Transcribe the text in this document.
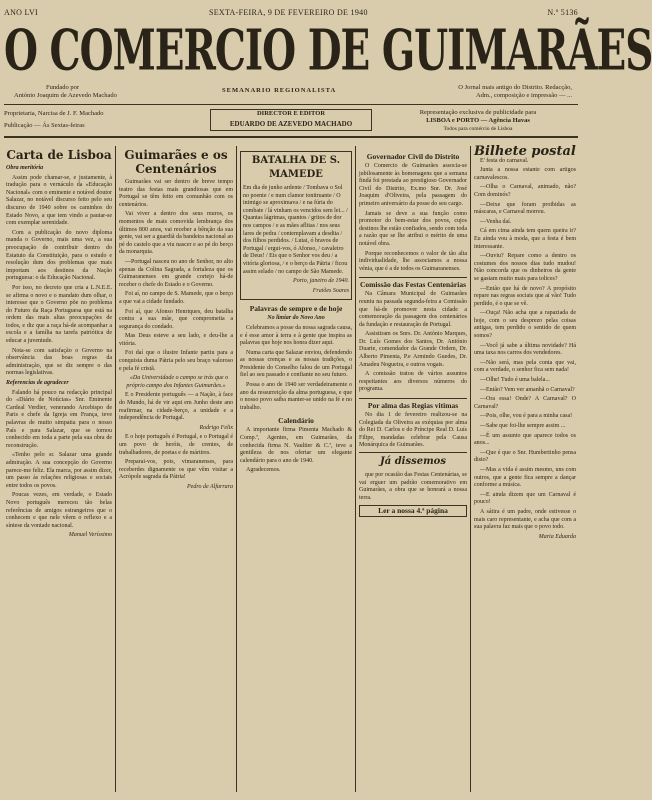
ANO LVI	SEXTA-FEIRA, 9 DE FEVEREIRO DE 1940	N.º 5136
O COMERCIO DE GUIMARÃES
Fundado por
António Joaquim de Azevedo Machado
SEMANARIO REGIONALISTA	O Jornal mais antigo do Distrito. Redacção,
Adm., composição e impressão — ...
Proprietaria, Narcisa de J. F. Machado
Publicação — Ás Sextas-feiras
DIRECTOR E EDITOR
EDUARDO DE AZEVEDO MACHADO
Representação exclusiva de publicidade para
LISBOA e PORTO — Agência Havas
Todos para comércio de Lisboa
Carta de Lisboa
Obra meritória

Assim pode chamar-se, e justamente, à tradução para o vernáculo da «Educação Nacional» com o eminente e notável doutor Salazar, no notável discurso feito pelo seu discurso de 1940 sobre os caminhos do Estado Novo, a que tem vindo a pautar-se com exemplar serenidade.

Com a publicação do novo diploma manda o Governo, mais uma vez, a sua preocupação de contribuir dentro do Estatuto da Constituição, para o estudo e resolução dum dos problemas que mais importam aos destinos da Nação portuguesa: o da Educação Nacional.

Por isso, no decreto que cria a L.N.E.E. se afirma o novo e o mandato dum olhar, o interesse que o Governo põe no problema do Futuro da Raça Portuguesa que está na ordem das mais altas preocupações de todos, e diz que a raça há-de acompanhar a escola e a família na tarefa patriótica de educar a juventude.

Nota-se com satisfação o Governo na observância das boas regras da administração, que se diz sempre o das normas legislativas.

Referencias de agradecer

Falando há pouco na redacção principal do «Diário de Notícias» Snr. Eminente Cardeal Verdier, venerando Arcebispo de Paris e chefe da Igreja em França, teve palavras de muito simpatia para o nosso País e para Salazar, que se tornou conhecido em toda a parte pela sua obra de reconstrução.

«Tenho pelo sr. Salazar uma grande admiração. A sua concepção do Governo parece-me feliz. Ela marca, por assim dizer, um passo às relações religiosas e sociais entre todos os povos.

Poucas vezes, em verdade, o Estado Novo português mereceu tão belas referências de amigos estrangeiros que o conhecem e que nele vêem o reflexo e a síntese da vontade nacional.

Manuel Veríssimo
Guimarães e os Centenários

Guimarães vai ser dentro de breve tempo teatro das festas mais grandiosas que em Portugal se têm feito em comunhão com os centenários.

Vai viver a dentro dos seus muros, os momentos de mais comovida lembrança dos últimos 800 anos, vai receber a bênção da sua gente, vai ser a guardiã da bandeira nacional ao pé do castelo que a viu nascer e ao pé do berço da monarquia.

—Portugal nasceu no ano de Senhor, no alto apenas da Colina Sagrada, a fortaleza que os Guimaranenses em grande cortejo há-de receber o chefe do Estado e o Governo.

Foi aí, no campo de S. Mamede, que o berço a que vai a cidade fundado.

Foi aí, que Afonso Henriques, deu batalha contra a sua mãe, que comprometia a segurança do condado.

Mas Deus esteve a seu lado, e deu-lhe a vitória.

Foi daí que o ilustre Infante partiu para a conquista duma Pátria pelo seu braço valoroso e pela fé cristã.

«Da Universidade o campo se trás que o próprio campo dos Infantes Guimarães.»

E o Presidente português — a Nação, à face do Mundo, há de vir aqui em Junho deste ano reafirmar, na cidade-berço, a unidade e a independência de Portugal.

Rodrigo Felix

E o hoje português é Portugal, e o Portugal é um povo de heróis, de crentes, de trabalhadores, de poetas e de mártires.

Preparai-vos, pois, vimaranenses, para receberdes dignamente os que vêm visitar a Acrópole sagrada da Pátria!

Pedro de Alfarrara
BATALHA DE S. MAMEDE

Em dia de junho ardente / Tombava o Sol no poente / e num clamor tonitruante / O inimigo se aproximava / e na fúria do combate / lá vinham os vencidos sem lei... / Quantas lágrimas, quantos / gritos de dor nos campos / e as mães aflitas / nos seus lares de pedra / contemplavam a desdita / dos filhos perdidos. / Lutai, ó bravos de Portugal / ergui-vos, ó Afonso, / cavaleiro de Deus! / Eis que o Senhor vos deu / a vitória gloriosa, / e o berço da Pátria / ficou assim selado / no campo de São Mamede.

Porto, janeiro de 1940.
Fraiões Soares
Palavras de sempre e de hoje
No limiar do Novo Ano

Celebramos a posse da nossa sagrada causa, e é esse amor à terra e à gente que inspira as palavras que hoje nos honra dizer aqui.

Numa carta que Salazar enviou, defendendo as nossas crenças e as nossas tradições, o Presidente do Conselho falou de um Portugal fiel ao seu passado e confiante no seu futuro.

Possa o ano de 1940 ser verdadeiramente o ano da ressurreição da alma portuguesa, e que o nosso povo saiba manter-se unido na fé e no trabalho.

Calendário

A importante firma Pimenta Machado & Comp.ª, Agentes, em Guimarães, da conhecida firma N. Vaultier & C.ª, teve a gentileza de nos ofertar um elegante calendário para o ano de 1940.

Agradecemos.

Governador Civil do Distrito

O Comercio de Guimarães associa-se jubilosamente às homenagens que a semana findá foi prestada ao prestigioso Governador Civil do Distrito, Ex.mo Snr. Dr. José Joaquim d'Oliveira, pela passagem do primeiro aniversário da posse do seu cargo.

Jamais se deve a sua função como promotor do bem-estar dos povos, cujos destinos lhe estão confiados, sendo com toda a razão que se lhe atribui o mérito de uma notável obra.

Porque reconhecemos o valor de tão alta individualidade, lhe associamos a nossa vénia, que é a de todos os Guimaranenses.

Comissão das Festas Centenárias

Na Câmara Municipal de Guimarães reuniu na passada segunda-feira a Comissão que há-de promover nesta cidade a comemoração da passagem dos centenários da fundação e restauração de Portugal.

Assistiram os Snrs. Dr. António Marques, Dr. Luís Gomes dos Santos, Dr. António Duarte, comendador da Grande Ordem, Dr. Alberto Pimenta, P.e Armindo Guedes, Dr. Amadeu Nogueira, e outros vogais.

A comissão tratou de vários assuntos respeitantes aos diversos números do programa.

Por alma das Regias vitimas

No dia 1 de fevereiro realizou-se na Colegiada da Oliveira as exéquias por alma do Rei D. Carlos e do Príncipe Real D. Luís Filipe, mandadas celebrar pela Causa Monárquica de Guimarães.

Já dissemos

que por ocasião das Festas Centenárias, se vai erguer um padrão comemorativo em Guimarães, a obra que se honrará a nossa terra.

Ler a nossa 4.ª página
Bilhete postal

E' festa do carnaval.

Junta a nossa estante com artigos carnavalescos.

—Olha o Carnaval, animado, não? Com dominós?

—Deixe que foram proibidas as máscaras, e Carnaval morreu.

—Venha daí.

Cá em cima ainda tem quem queira ir? Eu ainda vou à moda, que a festa é bem interessante.

—Ouviu? Repare como a dentro os costumes dos nossos dias tudo mudou! Não concorda que os dinheiros da gente se gastam muito mais para tolices?

—Então que há de novo? A propósito repare nas regras sociais que aí vão! Tudo perdido, é o que se vê.

—Ouça! Não acha que a rapaziada de hoje, com o seu desprezo pelas coisas antigas, tem perdido o sentido de quem somos?

—Você já sabe a última novidade? Há uma taxa nos carros dos vendedores.

—Não será, mas pela conta que vai, com a verdade, o senhor fica sem nada!

—Olhe! Tudo é uma balela...

—Então? Vem ver amanhã o Carnaval?

—Ora essa! Onde? A Carnaval? O Carnaval?

—Pois, olhe, vou é para a minha casa!

—Sabe que foi-lhe sempre assim ...

—É um assunto que aparece todos os anos...

—Que é que o Snr. Humbertinho pensa disto?

—Mas a vida é assim mesmo, uns com outros, que a gente fica sempre a dançar conforme a música.

—E ainda dizem que um Carnaval é pouco!

A sátira é um padre, onde estivesse o mais caro representante, e acha que com a sua palavra faz mais que o povo todo.

Maria Eduarda
